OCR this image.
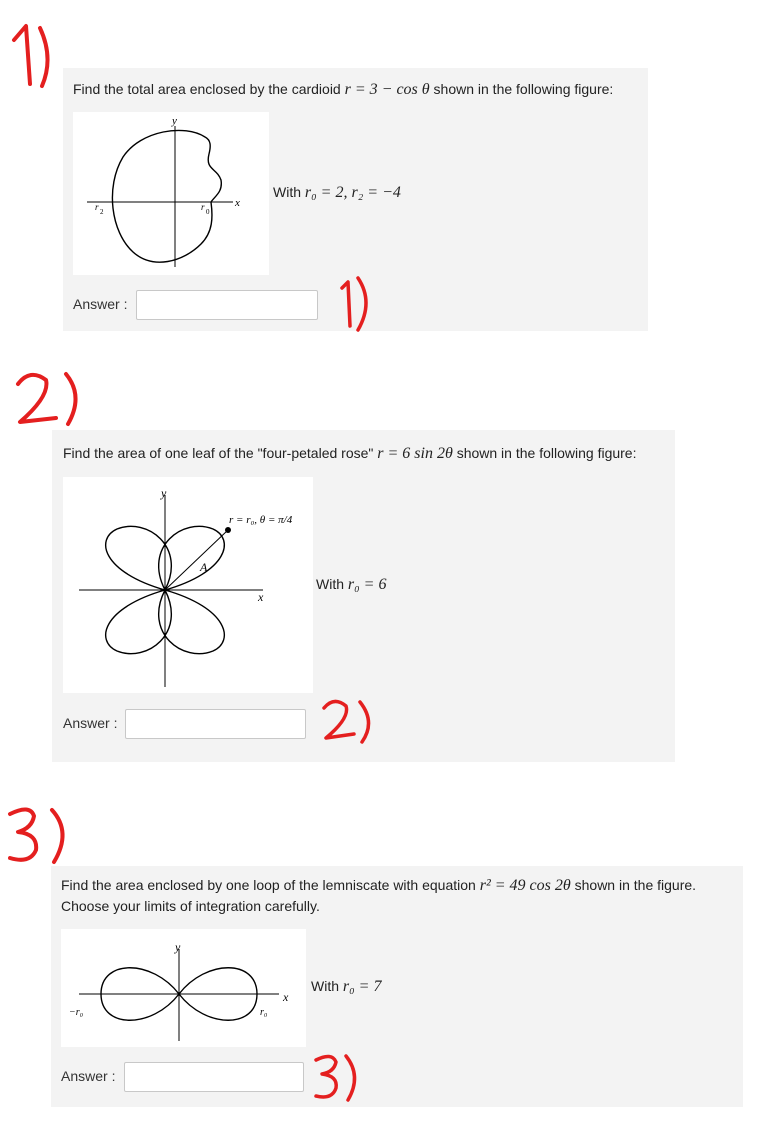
Find the total area enclosed by the cardioid r = 3 − cos θ shown in the following figure:
y
x
r 0
r 2
With r₀ = 2, r₂ = −4
Answer :
Find the area of one leaf of the "four-petaled rose" r = 6 sin 2θ shown in the following figure:
y
x
A
r = r₀, θ = π/4
With r₀ = 6
Answer :
Find the area enclosed by one loop of the lemniscate with equation r² = 49 cos 2θ shown in the figure.
Choose your limits of integration carefully.
y
x
−r₀	r₀
With r₀ = 7
Answer :
